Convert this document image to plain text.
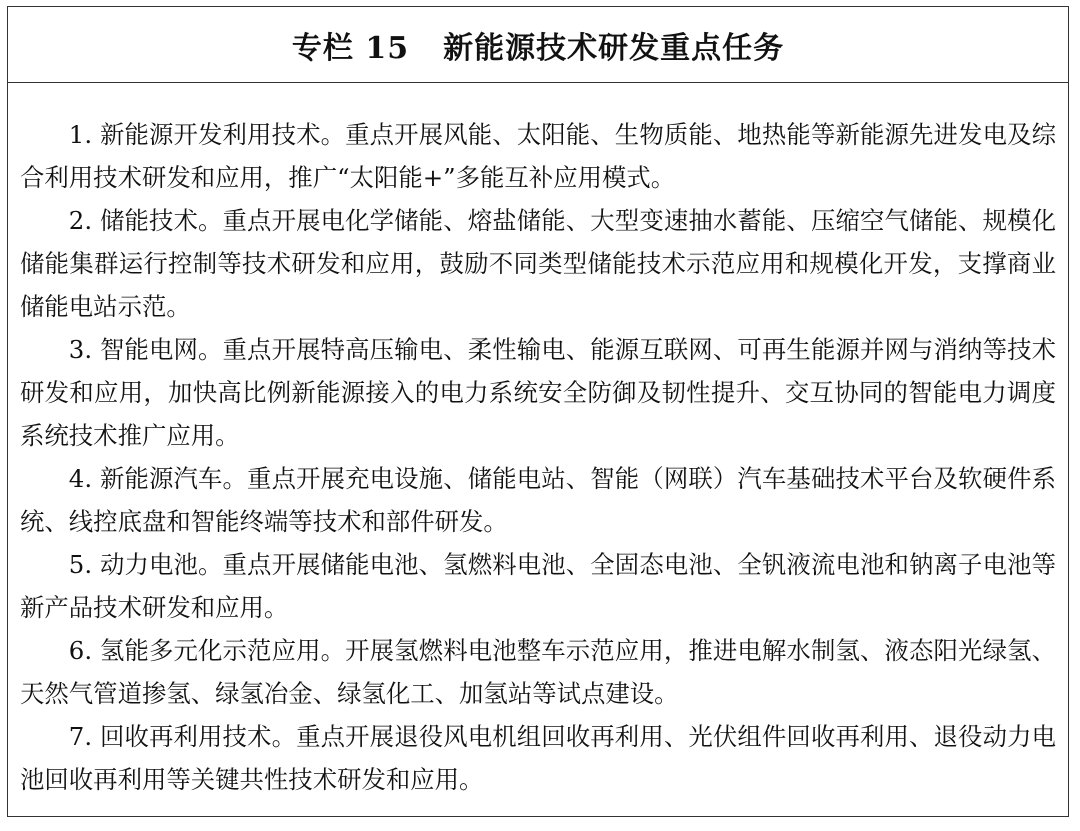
专栏 15 新能源技术研发重点任务

1. 新能源开发利用技术。重点开展风能、太阳能、生物质能、地热能等新能源先进发电及综合利用技术研发和应用，推广“太阳能+”多能互补应用模式。

2. 储能技术。重点开展电化学储能、熔盐储能、大型变速抽水蓄能、压缩空气储能、规模化储能集群运行控制等技术研发和应用，鼓励不同类型储能技术示范应用和规模化开发，支撑商业储能电站示范。

3. 智能电网。重点开展特高压输电、柔性输电、能源互联网、可再生能源并网与消纳等技术研发和应用，加快高比例新能源接入的电力系统安全防御及韧性提升、交互协同的智能电力调度系统技术推广应用。

4. 新能源汽车。重点开展充电设施、储能电站、智能（网联）汽车基础技术平台及软硬件系统、线控底盘和智能终端等技术和部件研发。

5. 动力电池。重点开展储能电池、氢燃料电池、全固态电池、全钒液流电池和钠离子电池等新产品技术研发和应用。

6. 氢能多元化示范应用。开展氢燃料电池整车示范应用，推进电解水制氢、液态阳光绿氢、天然气管道掺氢、绿氢冶金、绿氢化工、加氢站等试点建设。

7. 回收再利用技术。重点开展退役风电机组回收再利用、光伏组件回收再利用、退役动力电池回收再利用等关键共性技术研发和应用。
